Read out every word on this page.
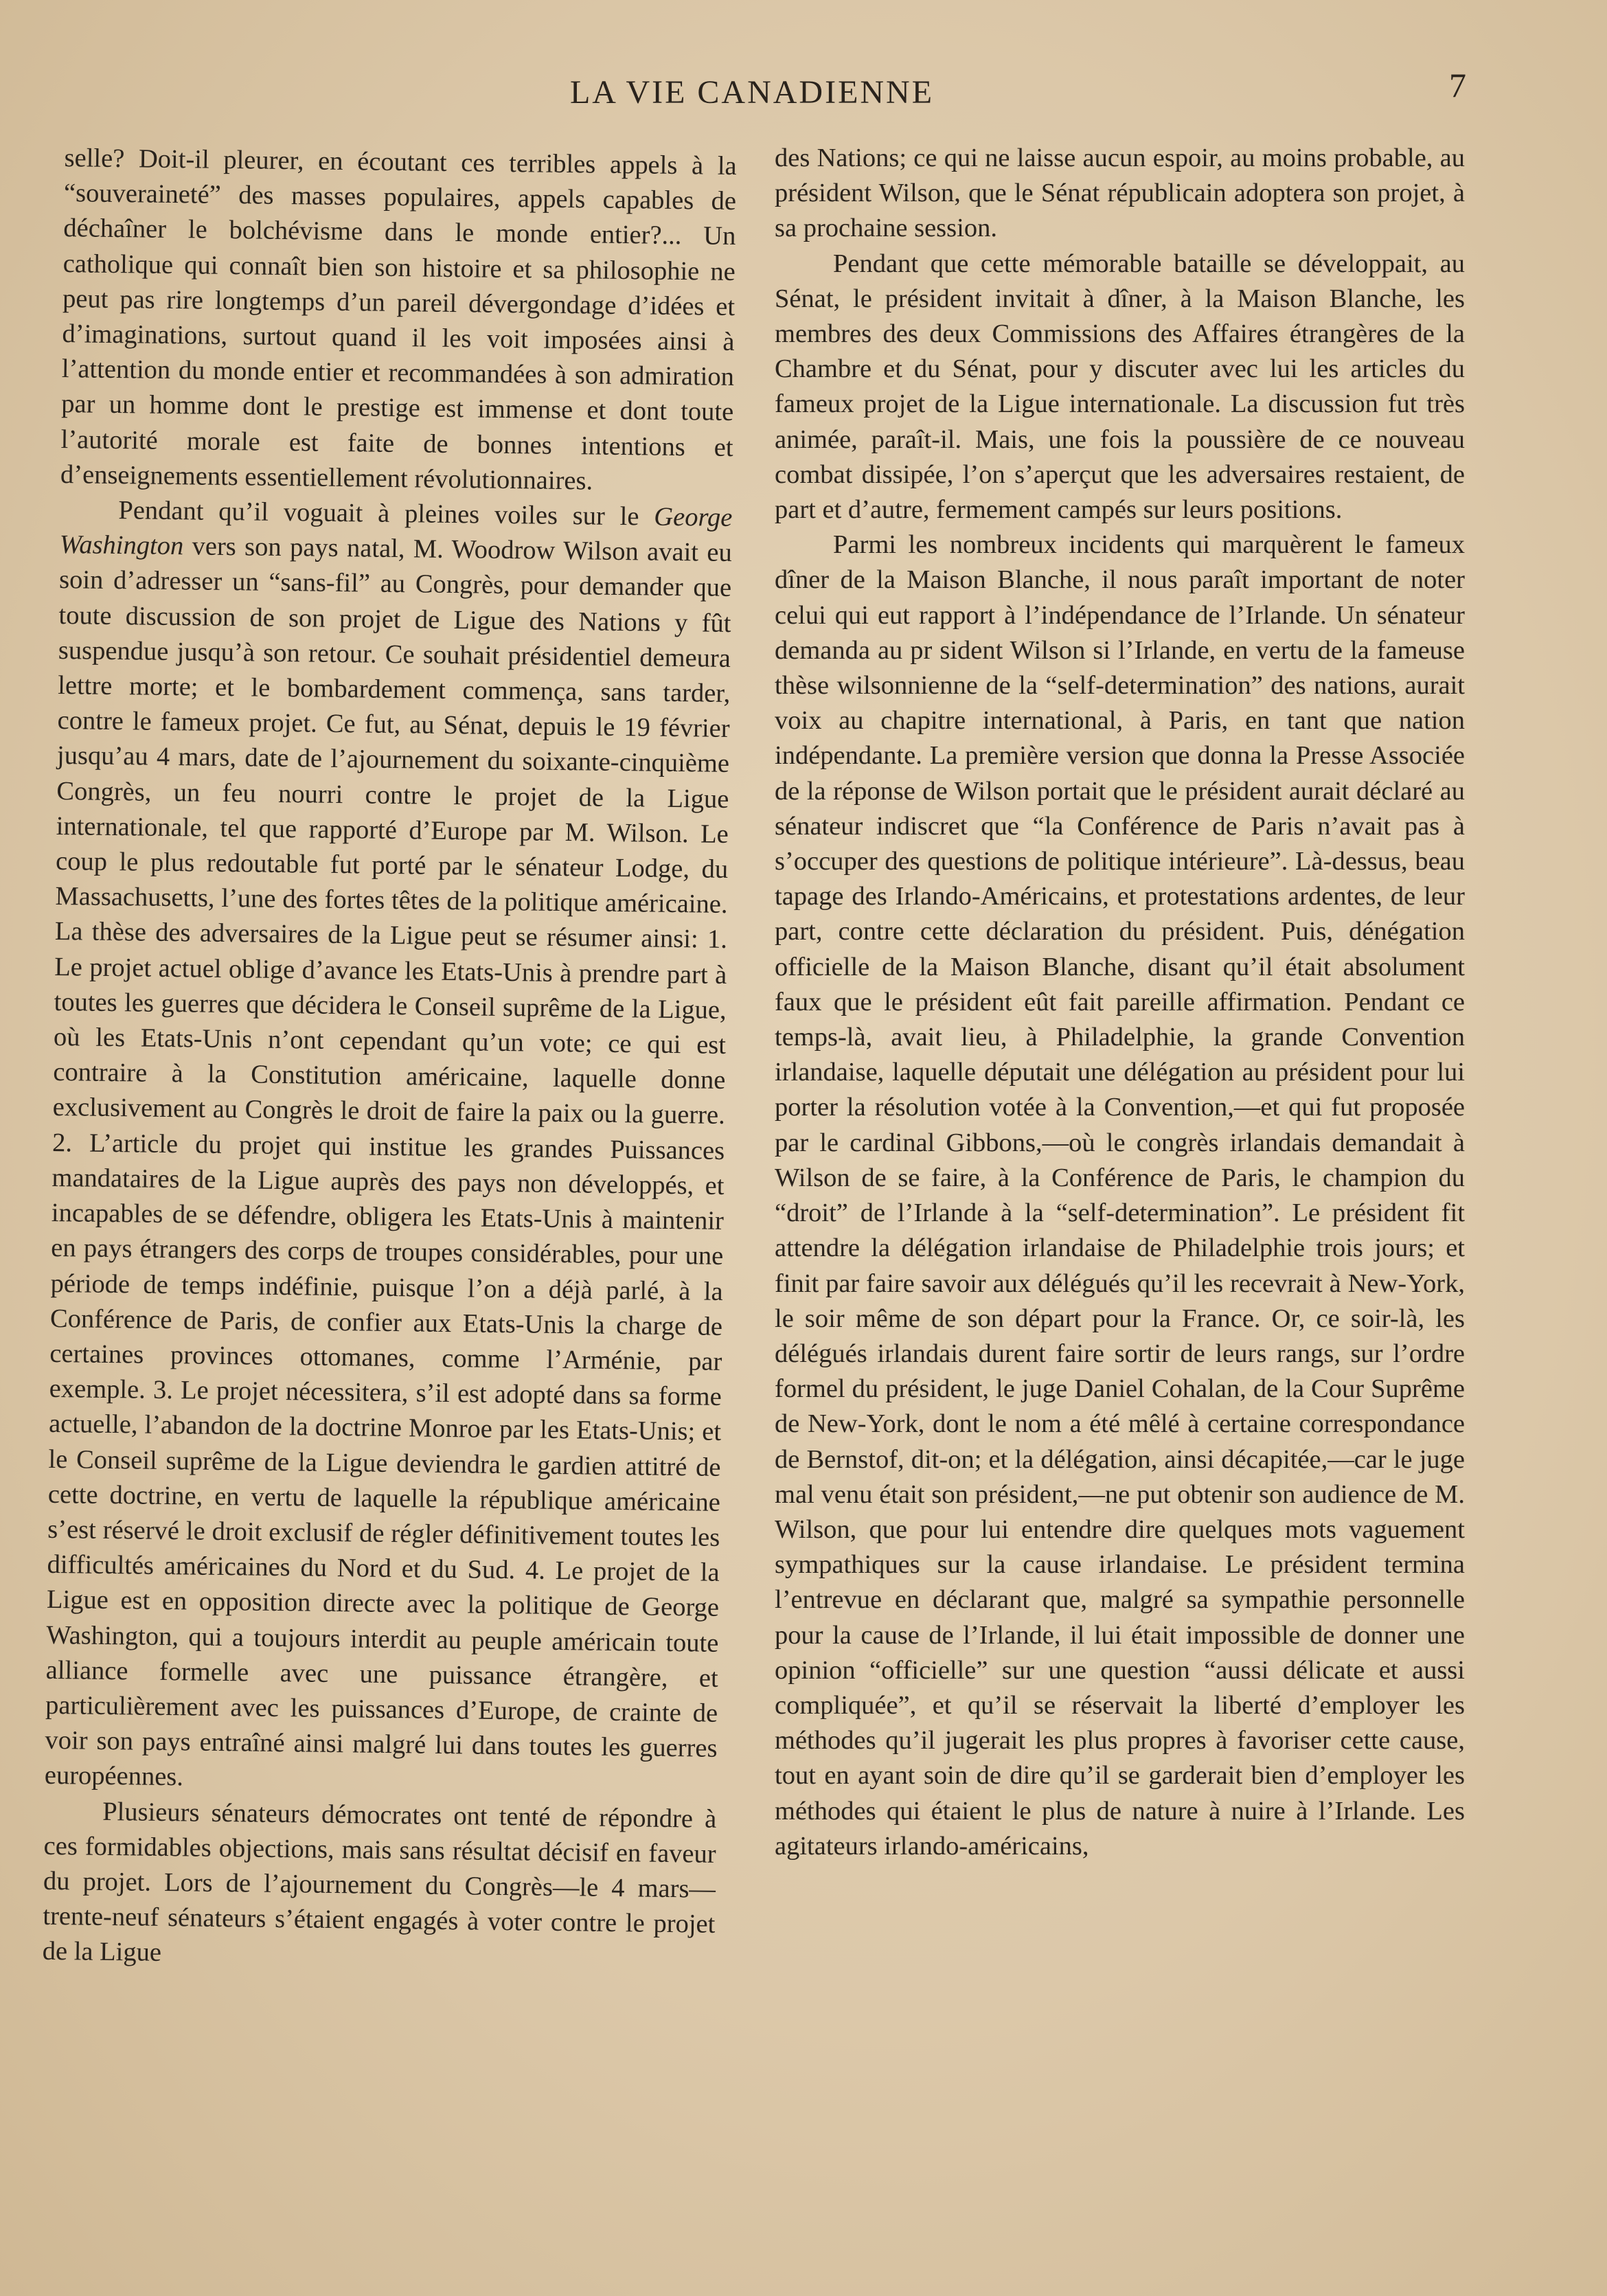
LA VIE CANADIENNE	7

selle? Doit-il pleurer, en écoutant ces terribles appels à la “souveraineté” des masses populaires, appels capables de déchaîner le bolchévisme dans le monde entier?... Un catholique qui connaît bien son histoire et sa philosophie ne peut pas rire longtemps d’un pareil dévergondage d’idées et d’imaginations, surtout quand il les voit imposées ainsi à l’attention du monde entier et recommandées à son admiration par un homme dont le prestige est immense et dont toute l’autorité morale est faite de bonnes intentions et d’enseignements essentiellement révolutionnaires.

Pendant qu’il voguait à pleines voiles sur le George Washington vers son pays natal, M. Woodrow Wilson avait eu soin d’adresser un “sans-fil” au Congrès, pour demander que toute discussion de son projet de Ligue des Nations y fût suspendue jusqu’à son retour. Ce souhait présidentiel demeura lettre morte; et le bombardement commença, sans tarder, contre le fameux projet. Ce fut, au Sénat, depuis le 19 février jusqu’au 4 mars, date de l’ajournement du soixante-cinquième Congrès, un feu nourri contre le projet de la Ligue internationale, tel que rapporté d’Europe par M. Wilson. Le coup le plus redoutable fut porté par le sénateur Lodge, du Massachusetts, l’une des fortes têtes de la politique américaine. La thèse des adversaires de la Ligue peut se résumer ainsi: 1. Le projet actuel oblige d’avance les Etats-Unis à prendre part à toutes les guerres que décidera le Conseil suprême de la Ligue, où les Etats-Unis n’ont cependant qu’un vote; ce qui est contraire à la Constitution américaine, laquelle donne exclusivement au Congrès le droit de faire la paix ou la guerre. 2. L’article du projet qui institue les grandes Puissances mandataires de la Ligue auprès des pays non développés, et incapables de se défendre, obligera les Etats-Unis à maintenir en pays étrangers des corps de troupes considérables, pour une période de temps indéfinie, puisque l’on a déjà parlé, à la Conférence de Paris, de confier aux Etats-Unis la charge de certaines provinces ottomanes, comme l’Arménie, par exemple. 3. Le projet nécessitera, s’il est adopté dans sa forme actuelle, l’abandon de la doctrine Monroe par les Etats-Unis; et le Conseil suprême de la Ligue deviendra le gardien attitré de cette doctrine, en vertu de laquelle la république américaine s’est réservé le droit exclusif de régler définitivement toutes les difficultés américaines du Nord et du Sud. 4. Le projet de la Ligue est en opposition directe avec la politique de George Washington, qui a toujours interdit au peuple américain toute alliance formelle avec une puissance étrangère, et particulièrement avec les puissances d’Europe, de crainte de voir son pays entraîné ainsi malgré lui dans toutes les guerres européennes.

Plusieurs sénateurs démocrates ont tenté de répondre à ces formidables objections, mais sans résultat décisif en faveur du projet. Lors de l’ajournement du Congrès—le 4 mars—trente-neuf sénateurs s’étaient engagés à voter contre le projet de la Ligue

des Nations; ce qui ne laisse aucun espoir, au moins probable, au président Wilson, que le Sénat républicain adoptera son projet, à sa prochaine session.

Pendant que cette mémorable bataille se développait, au Sénat, le président invitait à dîner, à la Maison Blanche, les membres des deux Commissions des Affaires étrangères de la Chambre et du Sénat, pour y discuter avec lui les articles du fameux projet de la Ligue internationale. La discussion fut très animée, paraît-il. Mais, une fois la poussière de ce nouveau combat dissipée, l’on s’aperçut que les adversaires restaient, de part et d’autre, fermement campés sur leurs positions.

Parmi les nombreux incidents qui marquèrent le fameux dîner de la Maison Blanche, il nous paraît important de noter celui qui eut rapport à l’indépendance de l’Irlande. Un sénateur demanda au pr sident Wilson si l’Irlande, en vertu de la fameuse thèse wilsonnienne de la “self-determination” des nations, aurait voix au chapitre international, à Paris, en tant que nation indépendante. La première version que donna la Presse Associée de la réponse de Wilson portait que le président aurait déclaré au sénateur indiscret que “la Conférence de Paris n’avait pas à s’occuper des questions de politique intérieure”. Là-dessus, beau tapage des Irlando-Américains, et protestations ardentes, de leur part, contre cette déclaration du président. Puis, dénégation officielle de la Maison Blanche, disant qu’il était absolument faux que le président eût fait pareille affirmation. Pendant ce temps-là, avait lieu, à Philadelphie, la grande Convention irlandaise, laquelle députait une délégation au président pour lui porter la résolution votée à la Convention,—et qui fut proposée par le cardinal Gibbons,—où le congrès irlandais demandait à Wilson de se faire, à la Conférence de Paris, le champion du “droit” de l’Irlande à la “self-determination”. Le président fit attendre la délégation irlandaise de Philadelphie trois jours; et finit par faire savoir aux délégués qu’il les recevrait à New-York, le soir même de son départ pour la France. Or, ce soir-là, les délégués irlandais durent faire sortir de leurs rangs, sur l’ordre formel du président, le juge Daniel Cohalan, de la Cour Suprême de New-York, dont le nom a été mêlé à certaine correspondance de Bernstof, dit-on; et la délégation, ainsi décapitée,—car le juge mal venu était son président,—ne put obtenir son audience de M. Wilson, que pour lui entendre dire quelques mots vaguement sympathiques sur la cause irlandaise. Le président termina l’entrevue en déclarant que, malgré sa sympathie personnelle pour la cause de l’Irlande, il lui était impossible de donner une opinion “officielle” sur une question “aussi délicate et aussi compliquée”, et qu’il se réservait la liberté d’employer les méthodes qu’il jugerait les plus propres à favoriser cette cause, tout en ayant soin de dire qu’il se garderait bien d’employer les méthodes qui étaient le plus de nature à nuire à l’Irlande. Les agitateurs irlando-américains,
